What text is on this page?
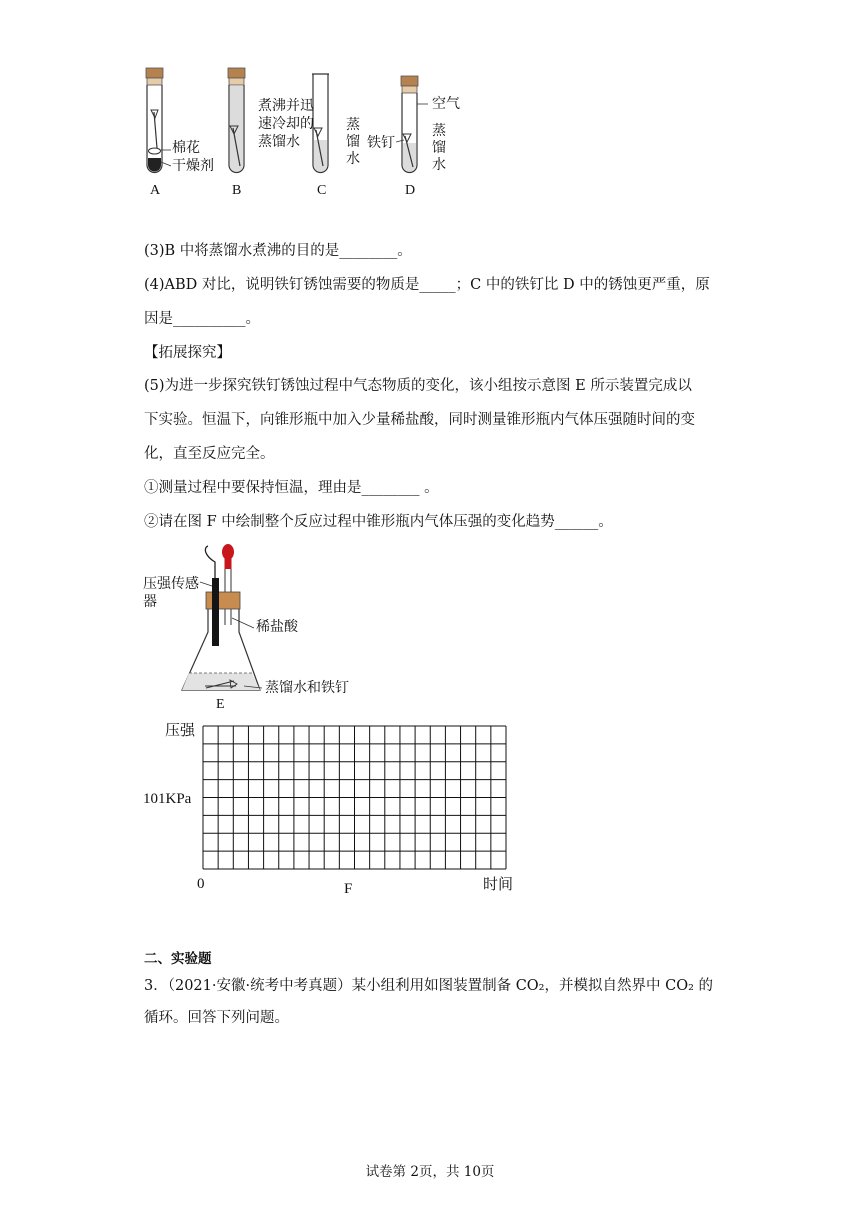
棉花
干燥剂
煮沸并迅速冷却的蒸馏水
蒸馏水
铁钉
空气
蒸馏水
A	B	C	D
(3)B 中将蒸馏水煮沸的目的是________。
(4)ABD 对比，说明铁钉锈蚀需要的物质是_____；C 中的铁钉比 D 中的锈蚀更严重，原
因是__________。
【拓展探究】
(5)为进一步探究铁钉锈蚀过程中气态物质的变化，该小组按示意图 E 所示装置完成以
下实验。恒温下，向锥形瓶中加入少量稀盐酸，同时测量锥形瓶内气体压强随时间的变
化，直至反应完全。
①测量过程中要保持恒温，理由是________ 。
②请在图 F 中绘制整个反应过程中锥形瓶内气体压强的变化趋势______。
压强传感器
稀盐酸
蒸馏水和铁钉
E
压强
101KPa
0	F	时间
二、实验题
3．（2021·安徽·统考中考真题）某小组利用如图装置制备 CO₂，并模拟自然界中 CO₂ 的
循环。回答下列问题。
试卷第 2页，共 10页
